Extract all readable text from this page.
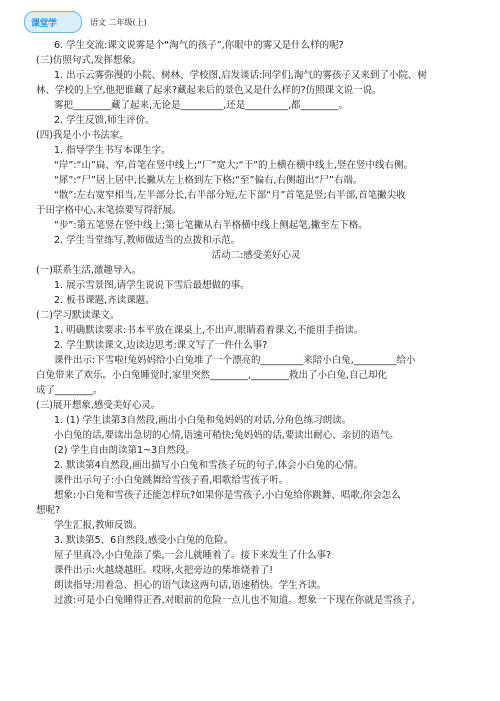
课堂学	语文 二年级(上)
6. 学生交流:课文说雾是个“淘气的孩子”,你眼中的雾又是什么样的呢?
(三)仿照句式,发挥想象。
1. 出示云雾弥漫的小院、树林、学校图,启发谈话:同学们,淘气的雾孩子又来到了小院、树
林、学校的上空,他把谁藏了起来?藏起来后的景色又是什么样的?仿照课文说一说。
雾把________藏了起来,无论是_________,还是_________,都________。
2. 学生反馈,师生评价。
(四)我是小小书法家。
1. 指导学生书写本课生字。
“岸”:“山”扁、窄,首笔在竖中线上;“厂”宽大;“干”的上横在横中线上,竖在竖中线右侧。
“犀”:“尸”居上居中,长撇从左上格到左下格;“至”偏右,右侧超出“尸”右端。
“散”:左右宽窄相当,左半部分长,右半部分短,左下部“月”首笔是竖;右半部,首笔撇尖收
于田字格中心,末笔捺要写得舒展。
“步”:第五笔竖在竖中线上;第七笔撇从右半格横中线上侧起笔,撇至左下格。
2. 学生当堂练写,教师做适当的点拨和示范。
活动二:感受美好心灵
(一)联系生活,激趣导入。
1. 展示雪景图,请学生说说下雪后最想做的事。
2. 板书课题,齐读课题。
(二)学习默读课文。
1. 明确默读要求:书本平放在课桌上,不出声,眼睛看着课文,不能用手指读。
2. 学生默读课文,边读边思考:课文写了一件什么事?
课件出示:下雪啦!兔妈妈给小白兔堆了一个漂亮的_________来陪小白兔,_________给小
白兔带来了欢乐。小白兔睡觉时,家里突然________,________救出了小白兔,自己却化
成了________。
(三)展开想象,感受美好心灵。
1. (1) 学生读第3自然段,画出小白兔和兔妈妈的对话,分角色练习朗读。
小白兔的话,要读出急切的心情,语速可稍快;兔妈妈的话,要读出耐心、亲切的语气。
(2) 学生自由朗读第1~3自然段。
2. 默读第4自然段,画出描写小白兔和雪孩子玩的句子,体会小白兔的心情。
课件出示句子:小白兔跳舞给雪孩子看,唱歌给雪孩子听。
想象:小白兔和雪孩子还能怎样玩?如果你是雪孩子,小白兔给你跳舞、唱歌,你会怎么
想呢?
学生汇报,教师反馈。
3. 默读第5、6自然段,感受小白兔的危险。
屋子里真冷,小白兔添了柴,一会儿就睡着了。接下来发生了什么事?
课件出示:火越烧越旺。哎呀,火把旁边的柴堆烧着了!
朗读指导:用着急、担心的语气读这两句话,语速稍快。学生齐读。
过渡:可是小白兔睡得正香,对眼前的危险一点儿也不知道。想象一下现在你就是雪孩子,
